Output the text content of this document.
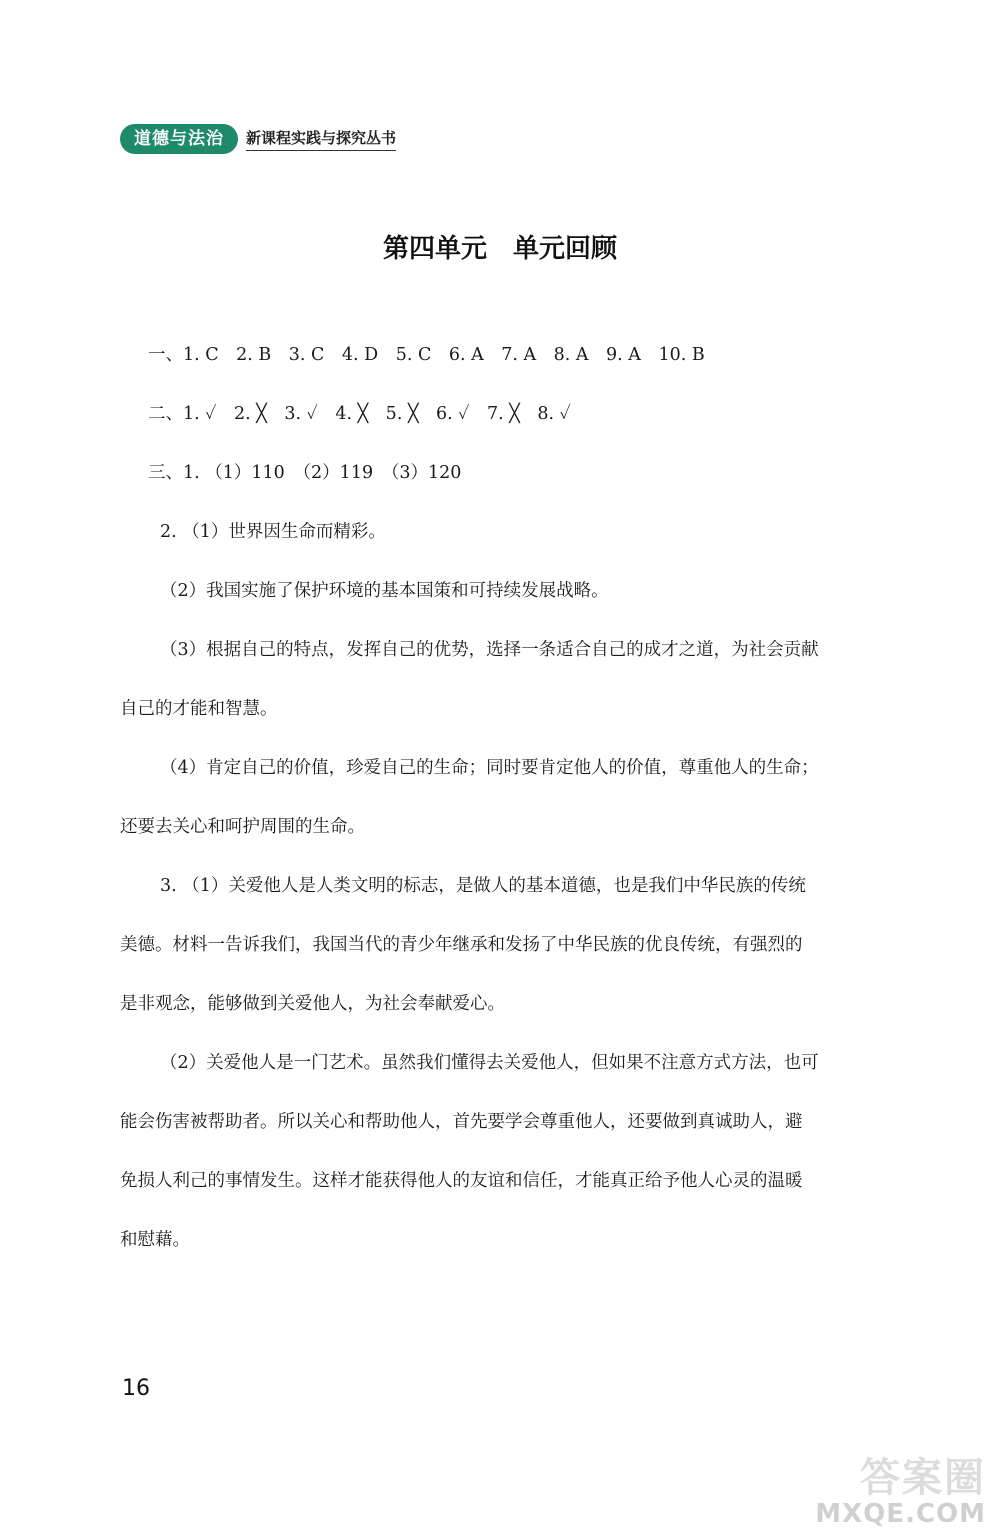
道德与法治	新课程实践与探究丛书
第四单元　单元回顾
一、1. C　2. B　3. C　4. D　5. C　6. A　7. A　8. A　9. A　10. B
二、1. ✓　2. ╳　3. ✓　4. ╳　5. ╳　6. ✓　7. ╳　8. ✓
三、1. （1）110　（2）119　（3）120
2. （1）世界因生命而精彩。
（2）我国实施了保护环境的基本国策和可持续发展战略。
（3）根据自己的特点，发挥自己的优势，选择一条适合自己的成才之道，为社会贡献
自己的才能和智慧。
（4）肯定自己的价值，珍爱自己的生命；同时要肯定他人的价值，尊重他人的生命；
还要去关心和呵护周围的生命。
3. （1）关爱他人是人类文明的标志，是做人的基本道德，也是我们中华民族的传统
美德。材料一告诉我们，我国当代的青少年继承和发扬了中华民族的优良传统，有强烈的
是非观念，能够做到关爱他人，为社会奉献爱心。
（2）关爱他人是一门艺术。虽然我们懂得去关爱他人，但如果不注意方式方法，也可
能会伤害被帮助者。所以关心和帮助他人，首先要学会尊重他人，还要做到真诚助人，避
免损人利己的事情发生。这样才能获得他人的友谊和信任，才能真正给予他人心灵的温暖
和慰藉。
16
答案圈
MXQE.COM
